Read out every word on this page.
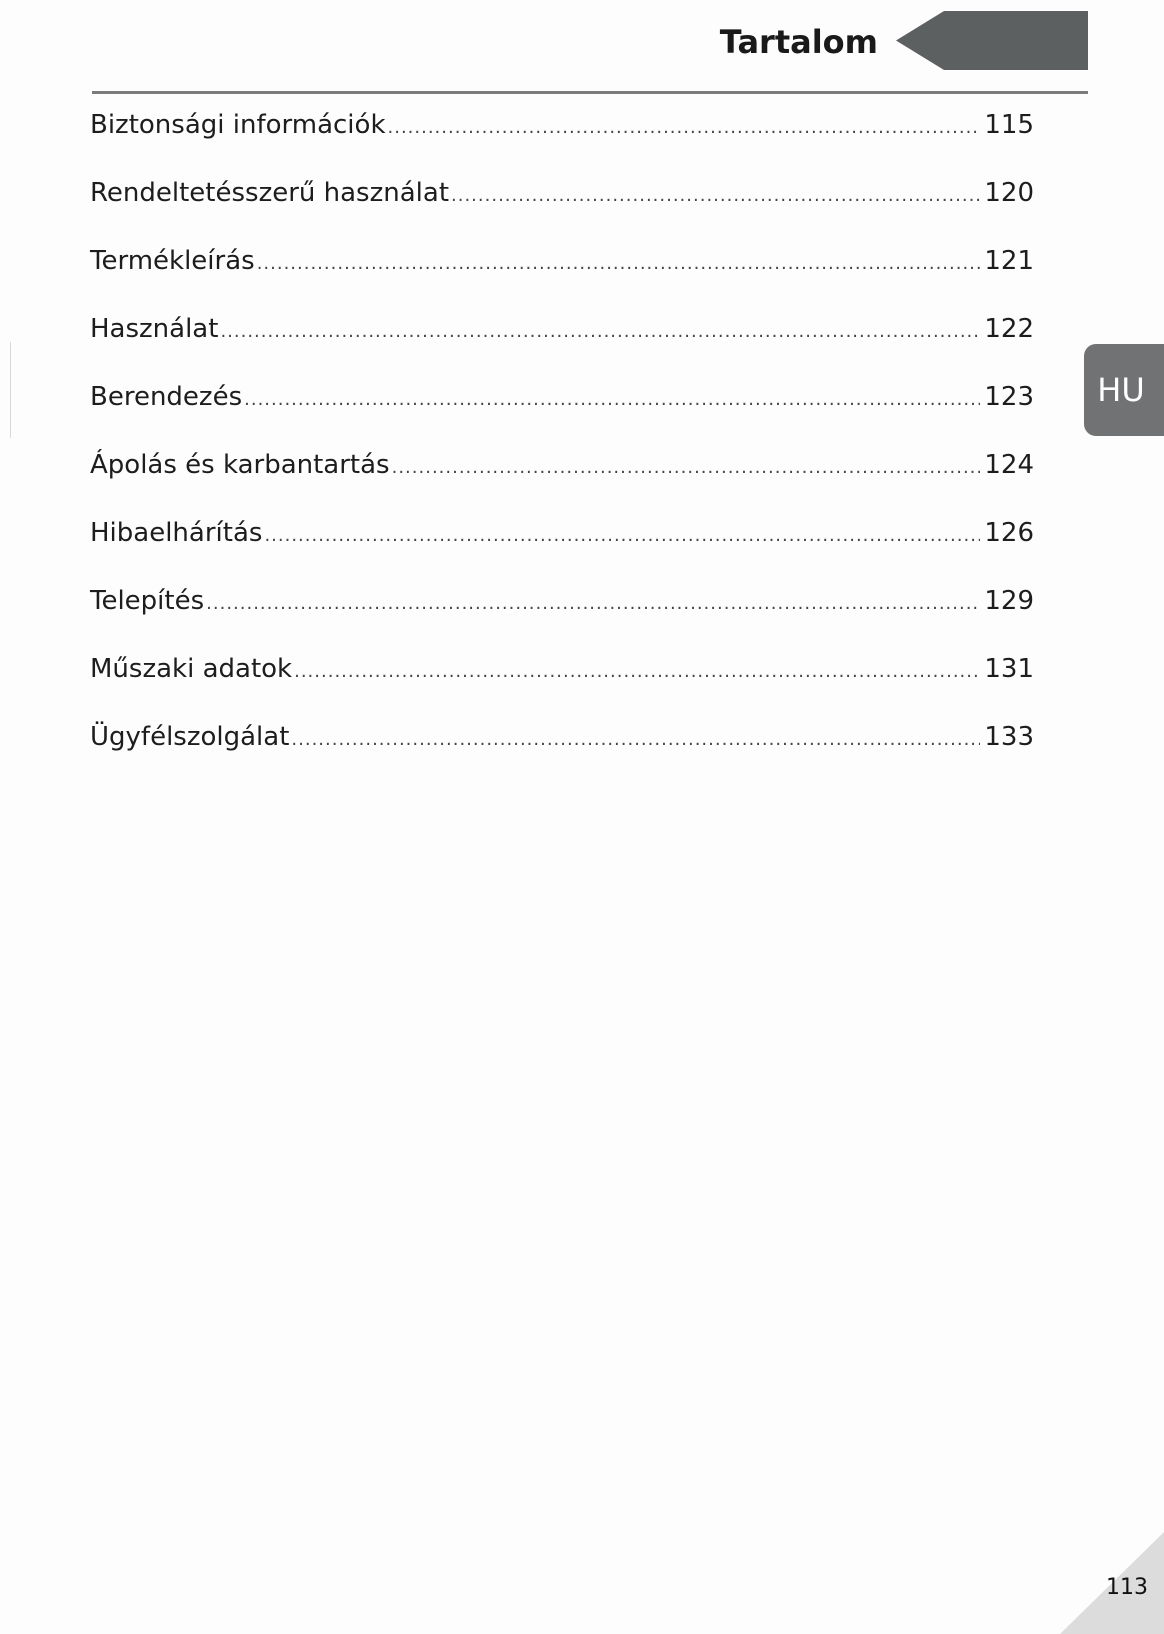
Tartalom
Biztonsági információk .....	115
Rendeltetésszerű használat .....	120
Termékleírás .....	121
Használat .....	122
Berendezés .....	123
Ápolás és karbantartás .....	124
Hibaelhárítás .....	126
Telepítés .....	129
Műszaki adatok .....	131
Ügyfélszolgálat .....	133
HU
113
